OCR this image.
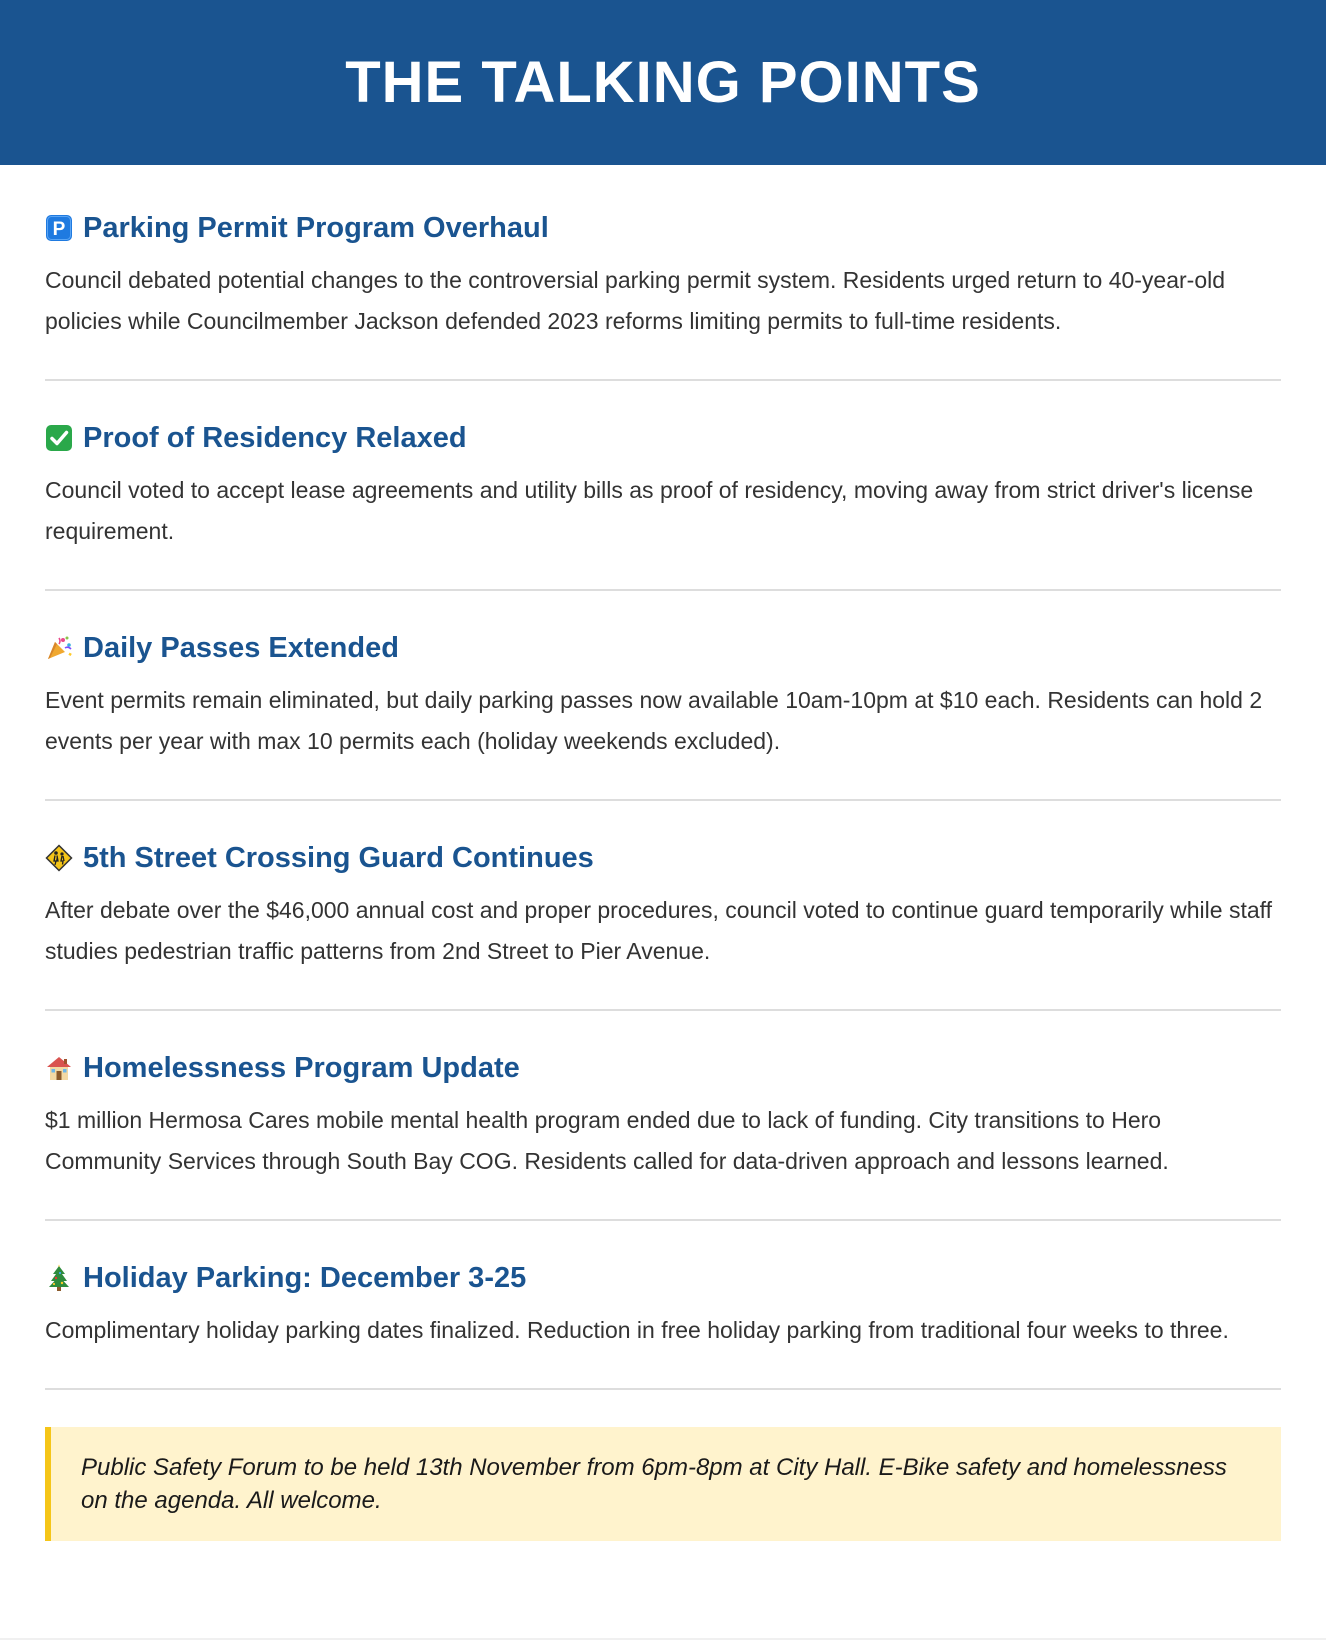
THE TALKING POINTS
P Parking Permit Program Overhaul

Council debated potential changes to the controversial parking permit system. Residents urged return to 40-year-old policies while Councilmember Jackson defended 2023 reforms limiting permits to full-time residents.

Proof of Residency Relaxed

Council voted to accept lease agreements and utility bills as proof of residency, moving away from strict driver's license requirement.

Daily Passes Extended

Event permits remain eliminated, but daily parking passes now available 10am-10pm at $10 each. Residents can hold 2 events per year with max 10 permits each (holiday weekends excluded).

5th Street Crossing Guard Continues

After debate over the $46,000 annual cost and proper procedures, council voted to continue guard temporarily while staff studies pedestrian traffic patterns from 2nd Street to Pier Avenue.

Homelessness Program Update

$1 million Hermosa Cares mobile mental health program ended due to lack of funding. City transitions to Hero Community Services through South Bay COG. Residents called for data-driven approach and lessons learned.

Holiday Parking: December 3-25

Complimentary holiday parking dates finalized. Reduction in free holiday parking from traditional four weeks to three.

Public Safety Forum to be held 13th November from 6pm-8pm at City Hall. E-Bike safety and homelessness on the agenda. All welcome.
